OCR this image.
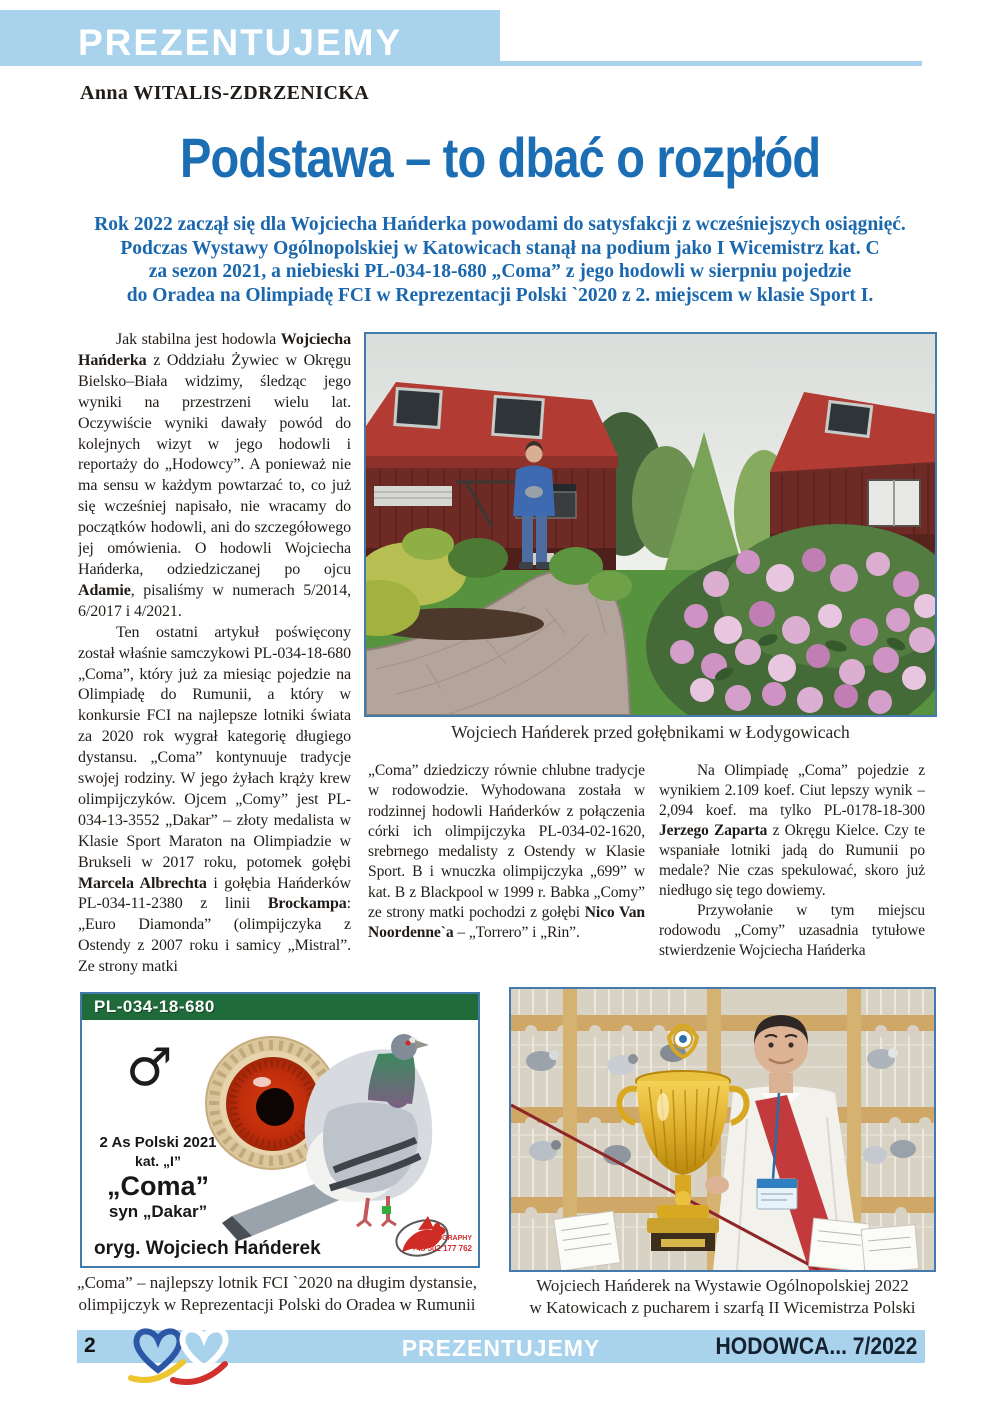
PREZENTUJEMY
Anna WITALIS-ZDRZENICKA
Podstawa – to dbać o rozpłód
Rok 2022 zaczął się dla Wojciecha Hańderka powodami do satysfakcji z wcześniejszych osiągnięć.
Podczas Wystawy Ogólnopolskiej w Katowicach stanął na podium jako I Wicemistrz kat. C
za sezon 2021, a niebieski PL-034-18-680 „Coma” z jego hodowli w sierpniu pojedzie
do Oradea na Olimpiadę FCI w Reprezentacji Polski `2020 z 2. miejscem w klasie Sport I.

Jak stabilna jest hodowla Wojciecha Hańderka z Oddziału Żywiec w Okręgu Bielsko–Biała widzimy, śledząc jego wyniki na przestrzeni wielu lat. Oczywiście wyniki dawały powód do kolejnych wizyt w jego hodowli i reportaży do „Hodowcy”. A ponieważ nie ma sensu w każdym powtarzać to, co już się wcześniej napisało, nie wracamy do początków hodowli, ani do szczegółowego jej omówienia. O hodowli Wojciecha Hańderka, odziedziczanej po ojcu Adamie, pisaliśmy w numerach 5/2014, 6/2017 i 4/2021.

Ten ostatni artykuł poświęcony został właśnie samczykowi PL-034-18-680 „Coma”, który już za miesiąc pojedzie na Olimpiadę do Rumunii, a który w konkursie FCI na najlepsze lotniki świata za 2020 rok wygrał kategorię długiego dystansu. „Coma” kontynuuje tradycje swojej rodziny. W jego żyłach krąży krew olimpijczyków. Ojcem „Comy” jest PL-034-13-3552 „Dakar” – złoty medalista w Klasie Sport Maraton na Olimpiadzie w Brukseli w 2017 roku, potomek gołębi Marcela Albrechta i gołębia Hańderków PL-034-11-2380 z linii Brockampa: „Euro Diamonda” (olimpijczyka z Ostendy z 2007 roku i samicy „Mistral”. Ze strony matki

„Coma” dziedziczy równie chlubne tradycje w rodowodzie. Wyhodowana została w rodzinnej hodowli Hańderków z połączenia córki ich olimpijczyka PL-034-02-1620, srebrnego medalisty z Ostendy w Klasie Sport. B i wnuczka olimpijczyka „699” w kat. B z Blackpool w 1999 r. Babka „Comy” ze strony matki pochodzi z gołębi Nico Van Noordenne`a – „Torrero” i „Rin”.

Na Olimpiadę „Coma” pojedzie z wynikiem 2.109 koef. Ciut lepszy wynik – 2,094 koef. ma tylko PL-0178-18-300 Jerzego Zaparta z Okręgu Kielce. Czy te wspaniałe lotniki jadą do Rumunii po medale? Nie czas spekulować, skoro już niedługo się tego dowiemy.

Przywołanie w tym miejscu rodowodu „Comy” uzasadnia tytułowe stwierdzenie Wojciecha Hańderka

Wojciech Hańderek przed gołębnikami w Łodygowicach
PL-034-18-680
♂
2 As Polski 2021
kat. „I”
„Coma”
syn „Dakar”
oryg. Wojciech Hańderek	PHOTOGRAPHY
+48 502 177 762
„Coma” – najlepszy lotnik FCI `2020 na długim dystansie,
olimpijczyk w Reprezentacji Polski do Oradea w Rumunii
Wojciech Hańderek na Wystawie Ogólnopolskiej 2022
w Katowicach z pucharem i szarfą II Wicemistrza Polski
2	PREZENTUJEMY	HODOWCA... 7/2022
